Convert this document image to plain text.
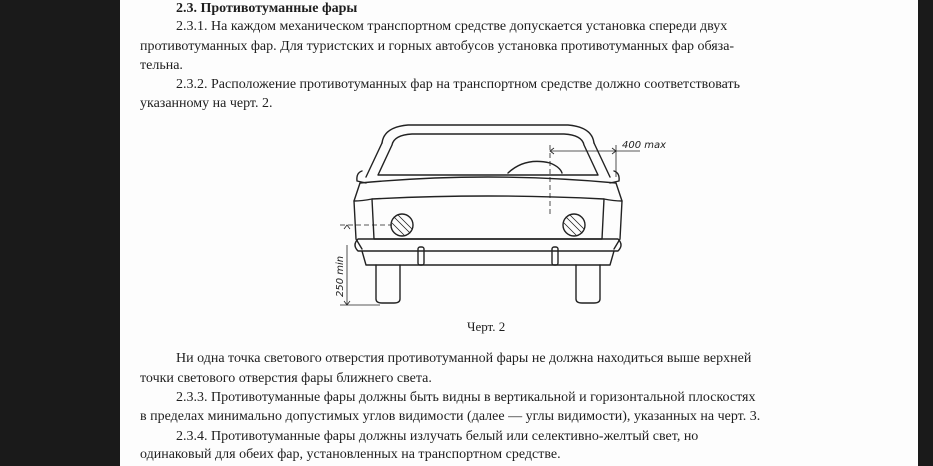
2.3. Противотуманные фары
2.3.1. На каждом механическом транспортном средстве допускается установка спереди двух
противотуманных фар. Для туристских и горных автобусов установка противотуманных фар обяза-
тельна.
2.3.2. Расположение противотуманных фар на транспортном средстве должно соответствовать
указанному на черт. 2.
400 max
250 min
Черт. 2
Ни одна точка светового отверстия противотуманной фары не должна находиться выше верхней
точки светового отверстия фары ближнего света.
2.3.3. Противотуманные фары должны быть видны в вертикальной и горизонтальной плоскостях
в пределах минимально допустимых углов видимости (далее — углы видимости), указанных на черт. 3.
2.3.4. Противотуманные фары должны излучать белый или селективно-желтый свет, но
одинаковый для обеих фар, установленных на транспортном средстве.
